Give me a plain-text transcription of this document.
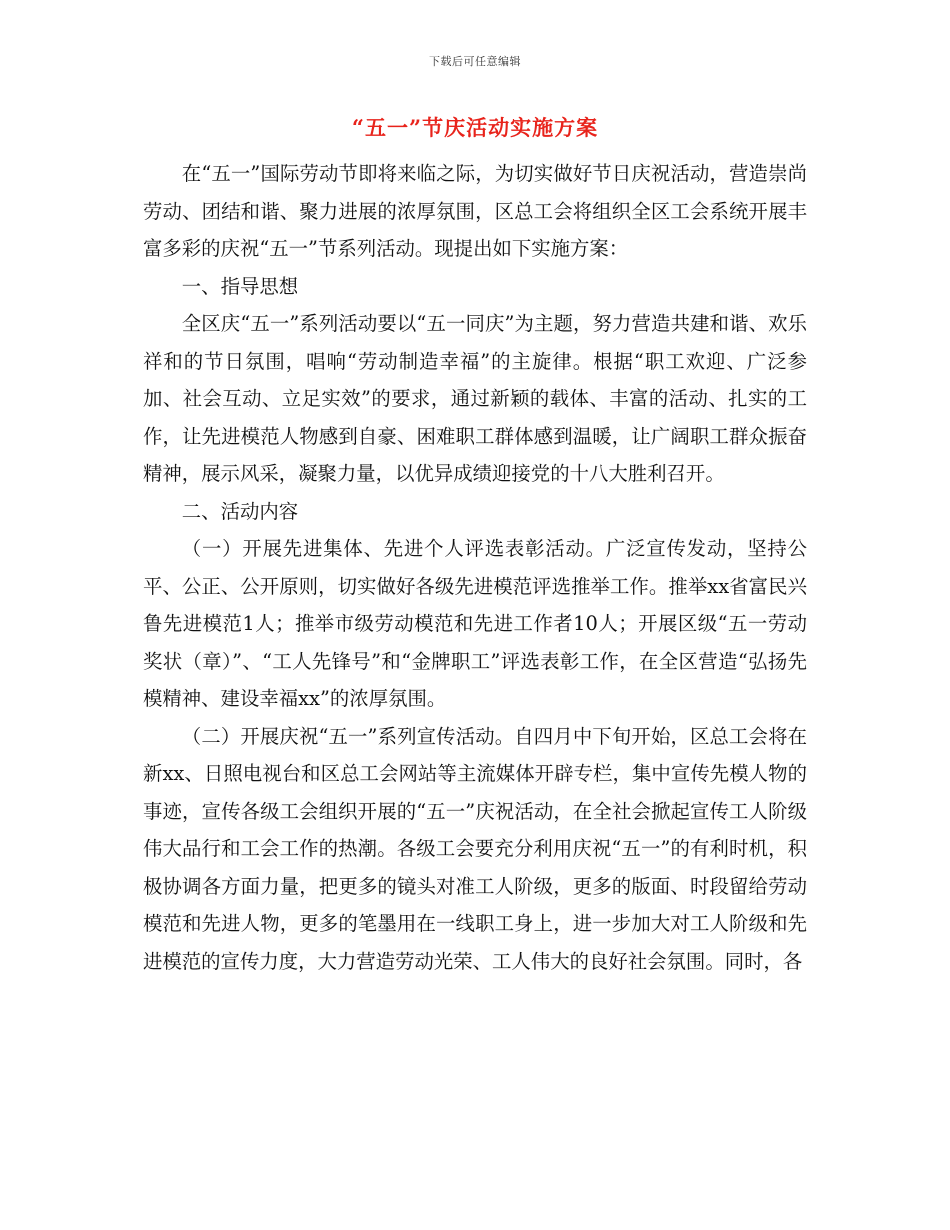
下载后可任意编辑
“五一”节庆活动实施方案

在“五一”国际劳动节即将来临之际，为切实做好节日庆祝活动，营造崇尚劳动、团结和谐、聚力进展的浓厚氛围，区总工会将组织全区工会系统开展丰富多彩的庆祝“五一”节系列活动。现提出如下实施方案：

一、指导思想

全区庆“五一”系列活动要以“五一同庆”为主题，努力营造共建和谐、欢乐祥和的节日氛围，唱响“劳动制造幸福”的主旋律。根据“职工欢迎、广泛参加、社会互动、立足实效”的要求，通过新颖的载体、丰富的活动、扎实的工作，让先进模范人物感到自豪、困难职工群体感到温暖，让广阔职工群众振奋精神，展示风采，凝聚力量，以优异成绩迎接党的十八大胜利召开。

二、活动内容

（一）开展先进集体、先进个人评选表彰活动。广泛宣传发动，坚持公平、公正、公开原则，切实做好各级先进模范评选推举工作。推举xx省富民兴鲁先进模范1人；推举市级劳动模范和先进工作者10人；开展区级“五一劳动奖状（章）”、“工人先锋号”和“金牌职工”评选表彰工作，在全区营造“弘扬先模精神、建设幸福xx”的浓厚氛围。

（二）开展庆祝“五一”系列宣传活动。自四月中下旬开始，区总工会将在新xx、日照电视台和区总工会网站等主流媒体开辟专栏，集中宣传先模人物的事迹，宣传各级工会组织开展的“五一”庆祝活动，在全社会掀起宣传工人阶级伟大品行和工会工作的热潮。各级工会要充分利用庆祝“五一”的有利时机，积极协调各方面力量，把更多的镜头对准工人阶级，更多的版面、时段留给劳动模范和先进人物，更多的笔墨用在一线职工身上，进一步加大对工人阶级和先进模范的宣传力度，大力营造劳动光荣、工人伟大的良好社会氛围。同时，各
